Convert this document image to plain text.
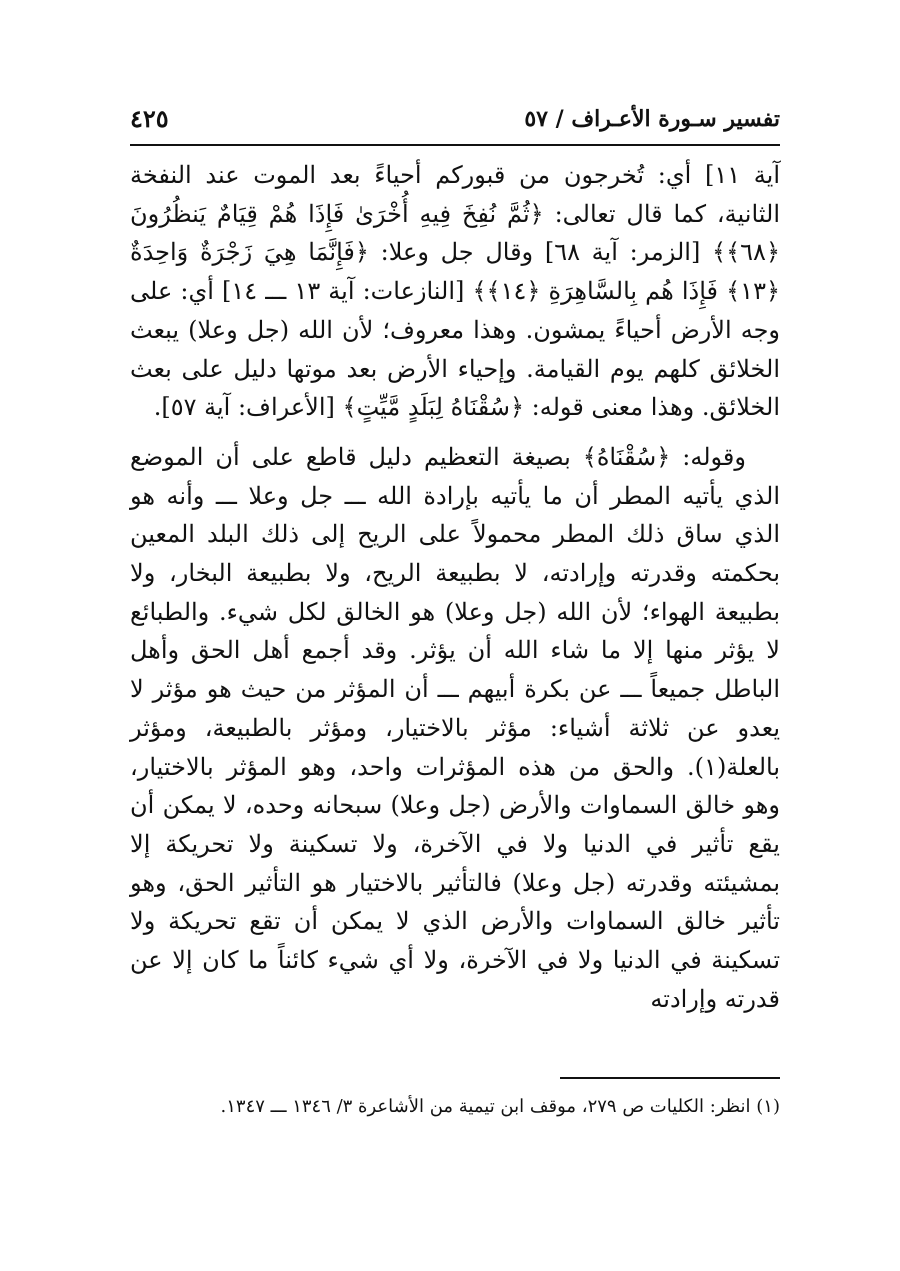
تفسير سـورة الأعـراف / ٥٧
٤٢٥

آية ١١] أي: تُخرجون من قبوركم أحياءً بعد الموت عند النفخة الثانية، كما قال تعالى: ﴿ثُمَّ نُفِخَ فِيهِ أُخْرَىٰ فَإِذَا هُمْ قِيَامٌ يَنظُرُونَ ﴿٦٨﴾﴾ [الزمر: آية ٦٨] وقال جل وعلا: ﴿فَإِنَّمَا هِيَ زَجْرَةٌ وَاحِدَةٌ ﴿١٣﴾ فَإِذَا هُم بِالسَّاهِرَةِ ﴿١٤﴾﴾ [النازعات: آية ١٣ ـــ ١٤] أي: على وجه الأرض أحياءً يمشون. وهذا معروف؛ لأن الله (جل وعلا) يبعث الخلائق كلهم يوم القيامة. وإحياء الأرض بعد موتها دليل على بعث الخلائق. وهذا معنى قوله: ﴿سُقْنَاهُ لِبَلَدٍ مَّيِّتٍ﴾ [الأعراف: آية ٥٧].

وقوله: ﴿سُقْنَاهُ﴾ بصيغة التعظيم دليل قاطع على أن الموضع الذي يأتيه المطر أن ما يأتيه بإرادة الله ـــ جل وعلا ـــ وأنه هو الذي ساق ذلك المطر محمولاً على الريح إلى ذلك البلد المعين بحكمته وقدرته وإرادته، لا بطبيعة الريح، ولا بطبيعة البخار، ولا بطبيعة الهواء؛ لأن الله (جل وعلا) هو الخالق لكل شيء. والطبائع لا يؤثر منها إلا ما شاء الله أن يؤثر. وقد أجمع أهل الحق وأهل الباطل جميعاً ـــ عن بكرة أبيهم ـــ أن المؤثر من حيث هو مؤثر لا يعدو عن ثلاثة أشياء: مؤثر بالاختيار، ومؤثر بالطبيعة، ومؤثر بالعلة(١). والحق من هذه المؤثرات واحد، وهو المؤثر بالاختيار، وهو خالق السماوات والأرض (جل وعلا) سبحانه وحده، لا يمكن أن يقع تأثير في الدنيا ولا في الآخرة، ولا تسكينة ولا تحريكة إلا بمشيئته وقدرته (جل وعلا) فالتأثير بالاختيار هو التأثير الحق، وهو تأثير خالق السماوات والأرض الذي لا يمكن أن تقع تحريكة ولا تسكينة في الدنيا ولا في الآخرة، ولا أي شيء كائناً ما كان إلا عن قدرته وإرادته

(١) انظر: الكليات ص ٢٧٩، موقف ابن تيمية من الأشاعرة ٣/ ١٣٤٦ ـــ ١٣٤٧.
